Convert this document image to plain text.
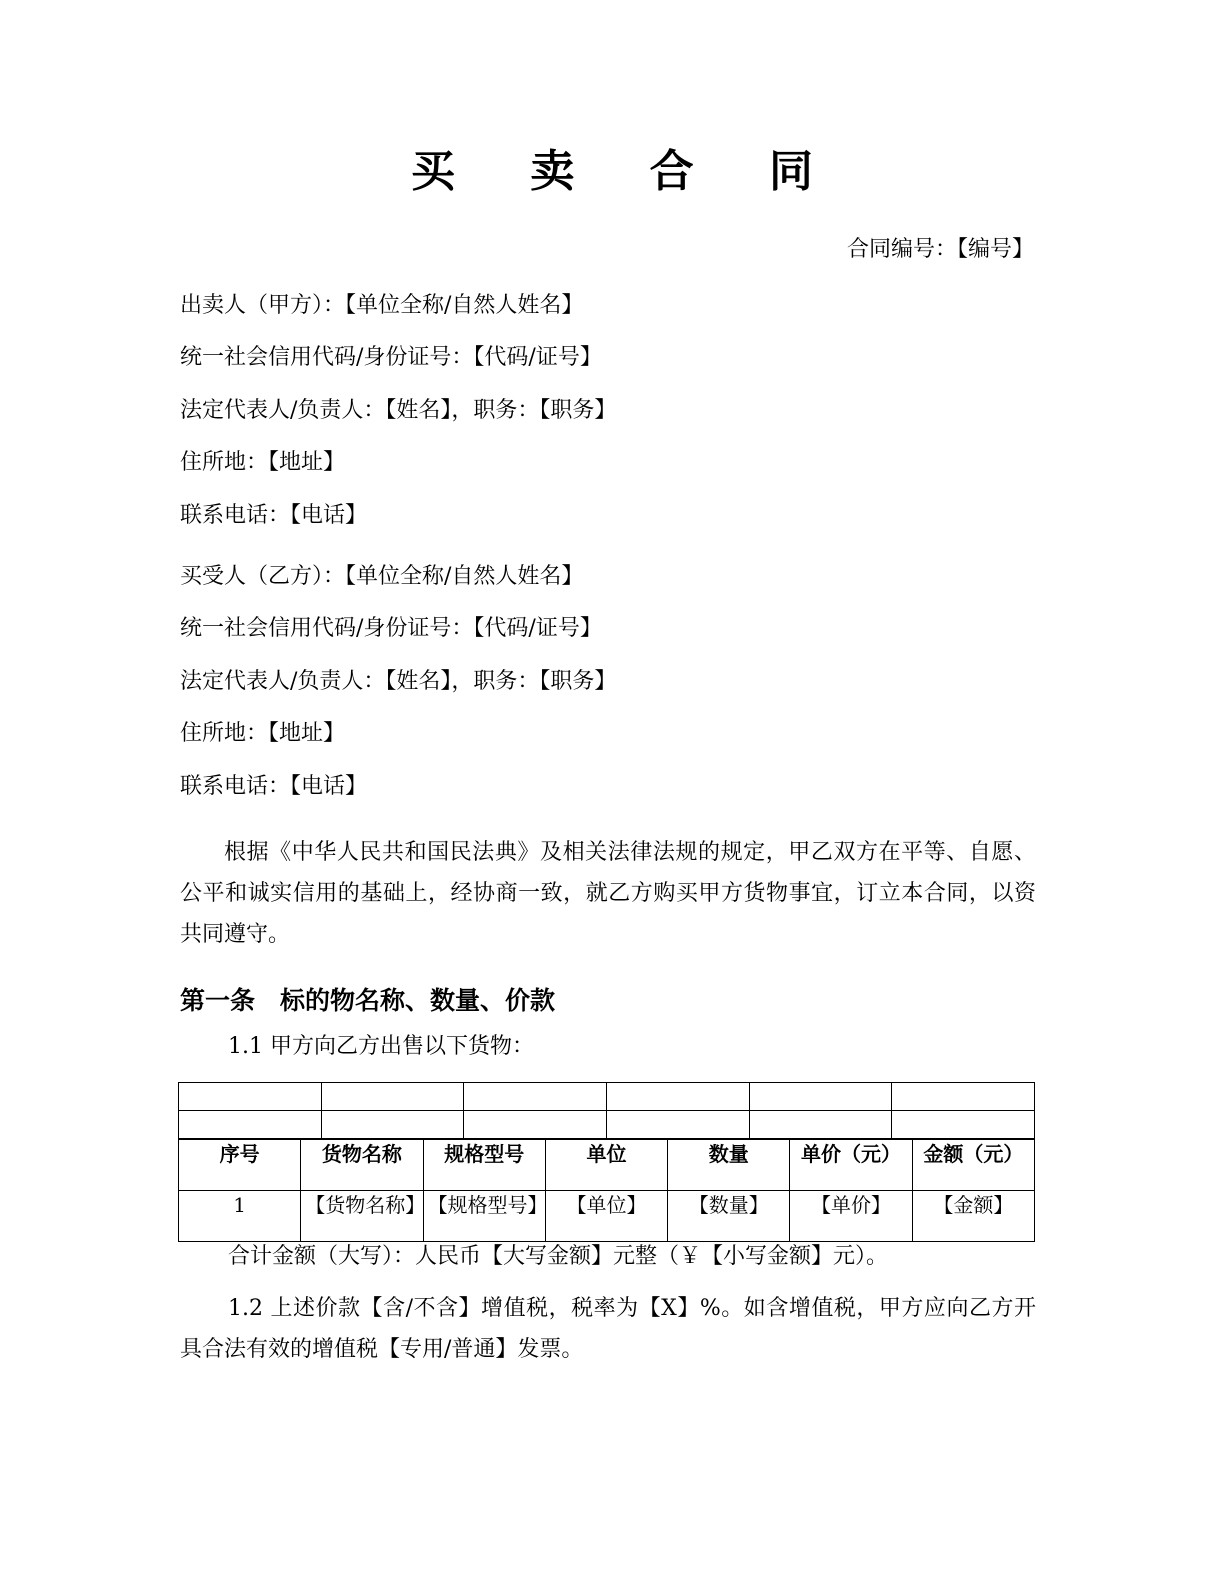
买 卖 合 同
合同编号：【编号】
出卖人（甲方）：【单位全称/自然人姓名】
统一社会信用代码/身份证号：【代码/证号】
法定代表人/负责人：【姓名】，职务：【职务】
住所地：【地址】
联系电话：【电话】
买受人（乙方）：【单位全称/自然人姓名】
统一社会信用代码/身份证号：【代码/证号】
法定代表人/负责人：【姓名】，职务：【职务】
住所地：【地址】
联系电话：【电话】
根据《中华人民共和国民法典》及相关法律法规的规定，甲乙双方在平等、自愿、公平和诚实信用的基础上，经协商一致，就乙方购买甲方货物事宜，订立本合同，以资共同遵守。
第一条　标的物名称、数量、价款
1.1 甲方向乙方出售以下货物：

序号	货物名称	规格型号	单位	数量	单价（元）	金额（元）
1	【货物名称】	【规格型号】	【单位】	【数量】	【单价】	【金额】
合计金额（大写）：人民币【大写金额】元整（￥【小写金额】元）。
1.2 上述价款【含/不含】增值税，税率为【X】%。如含增值税，甲方应向乙方开具合法有效的增值税【专用/普通】发票。
